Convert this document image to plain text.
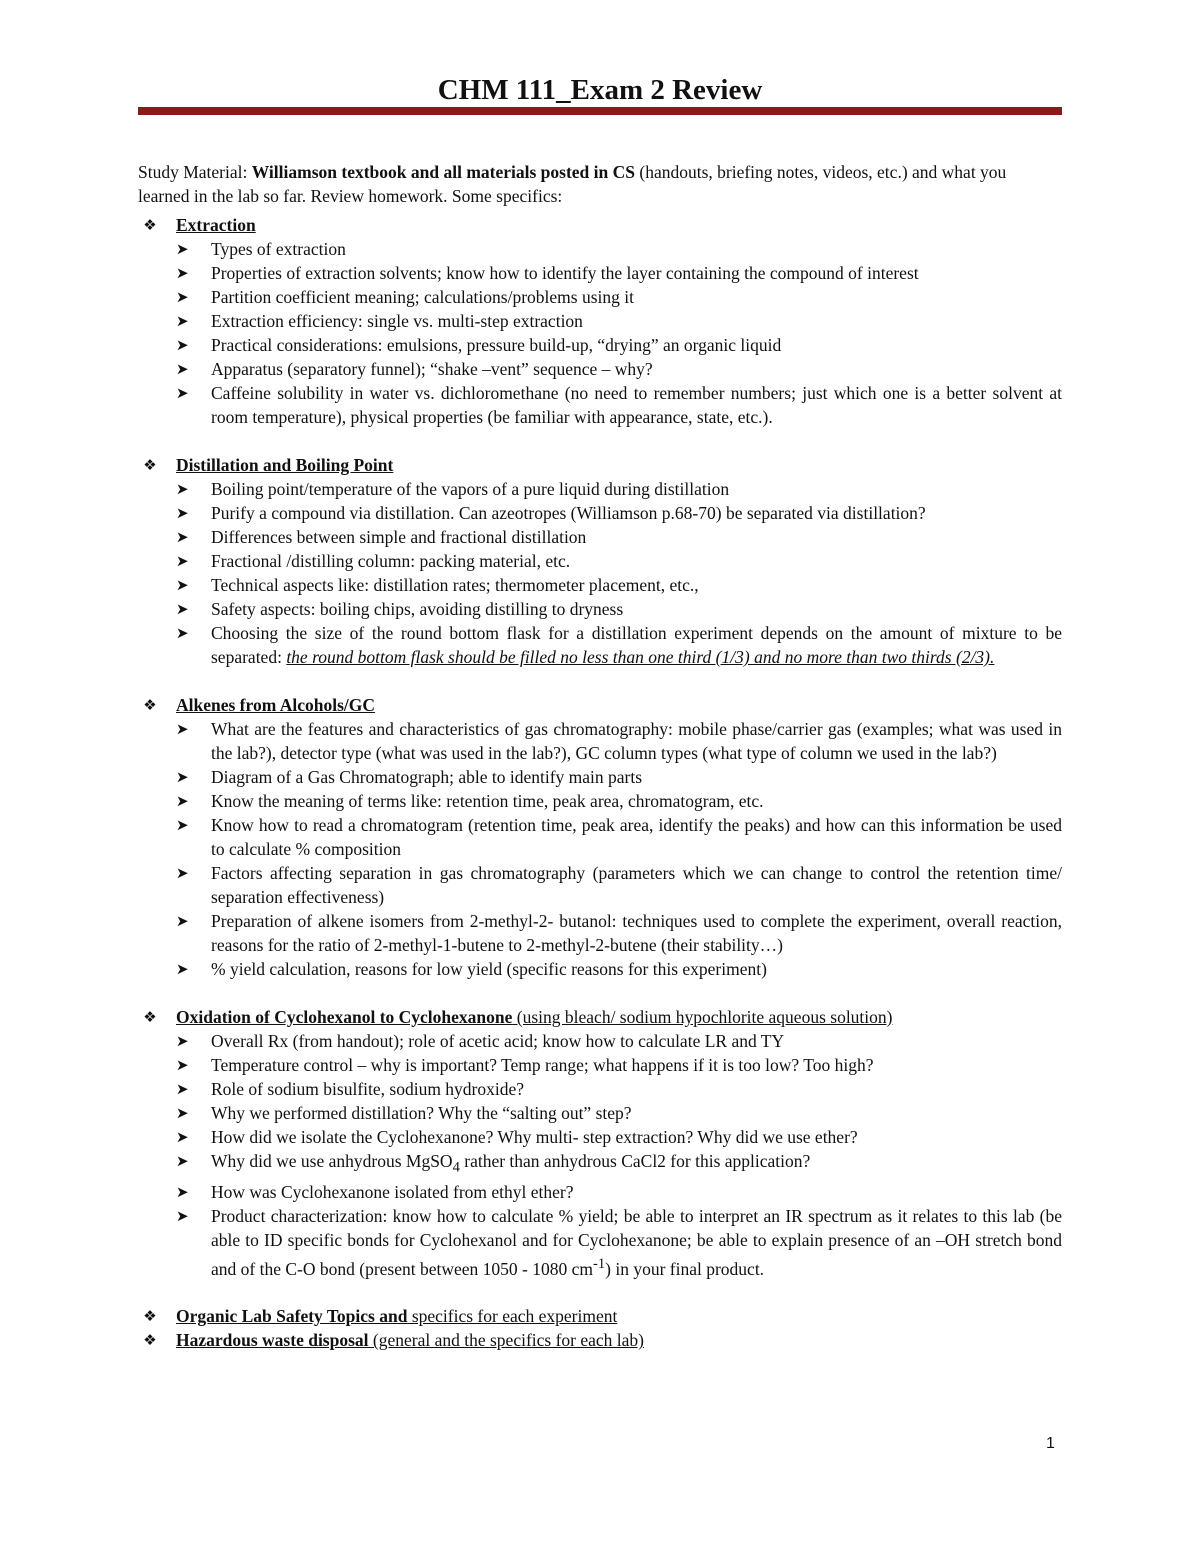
CHM 111_Exam 2 Review

Study Material: Williamson textbook and all materials posted in CS (handouts, briefing notes, videos, etc.) and what you learned in the lab so far. Review homework. Some specifics:

❖	Extraction
➤	Types of extraction
➤	Properties of extraction solvents; know how to identify the layer containing the compound of interest
➤	Partition coefficient meaning; calculations/problems using it
➤	Extraction efficiency: single vs. multi-step extraction
➤	Practical considerations: emulsions, pressure build-up, “drying” an organic liquid
➤	Apparatus (separatory funnel); “shake –vent” sequence – why?
➤	Caffeine solubility in water vs. dichloromethane (no need to remember numbers; just which one is a better solvent at room temperature), physical properties (be familiar with appearance, state, etc.).
❖	Distillation and Boiling Point
➤	Boiling point/temperature of the vapors of a pure liquid during distillation
➤	Purify a compound via distillation. Can azeotropes (Williamson p.68-70) be separated via distillation?
➤	Differences between simple and fractional distillation
➤	Fractional /distilling column: packing material, etc.
➤	Technical aspects like: distillation rates; thermometer placement, etc.,
➤	Safety aspects: boiling chips, avoiding distilling to dryness
➤	Choosing the size of the round bottom flask for a distillation experiment depends on the amount of mixture to be separated: the round bottom flask should be filled no less than one third (1/3) and no more than two thirds (2/3).
❖	Alkenes from Alcohols/GC
➤	What are the features and characteristics of gas chromatography: mobile phase/carrier gas (examples; what was used in the lab?), detector type (what was used in the lab?), GC column types (what type of column we used in the lab?)
➤	Diagram of a Gas Chromatograph; able to identify main parts
➤	Know the meaning of terms like: retention time, peak area, chromatogram, etc.
➤	Know how to read a chromatogram (retention time, peak area, identify the peaks) and how can this information be used to calculate % composition
➤	Factors affecting separation in gas chromatography (parameters which we can change to control the retention time/ separation effectiveness)
➤	Preparation of alkene isomers from 2-methyl-2- butanol: techniques used to complete the experiment, overall reaction, reasons for the ratio of 2-methyl-1-butene to 2-methyl-2-butene (their stability…)
➤	% yield calculation, reasons for low yield (specific reasons for this experiment)
❖	Oxidation of Cyclohexanol to Cyclohexanone (using bleach/ sodium hypochlorite aqueous solution)
➤	Overall Rx (from handout); role of acetic acid; know how to calculate LR and TY
➤	Temperature control – why is important? Temp range; what happens if it is too low? Too high?
➤	Role of sodium bisulfite, sodium hydroxide?
➤	Why we performed distillation? Why the “salting out” step?
➤	How did we isolate the Cyclohexanone? Why multi- step extraction? Why did we use ether?
➤	Why did we use anhydrous MgSO$_4$ rather than anhydrous CaCl2 for this application?
➤	How was Cyclohexanone isolated from ethyl ether?
➤	Product characterization: know how to calculate % yield; be able to interpret an IR spectrum as it relates to this lab (be able to ID specific bonds for Cyclohexanol and for Cyclohexanone; be able to explain presence of an –OH stretch bond and of the C-O bond (present between 1050 - 1080 $cm^{-1}$) in your final product.
❖	Organic Lab Safety Topics and specifics for each experiment
❖	Hazardous waste disposal (general and the specifics for each lab)
1
